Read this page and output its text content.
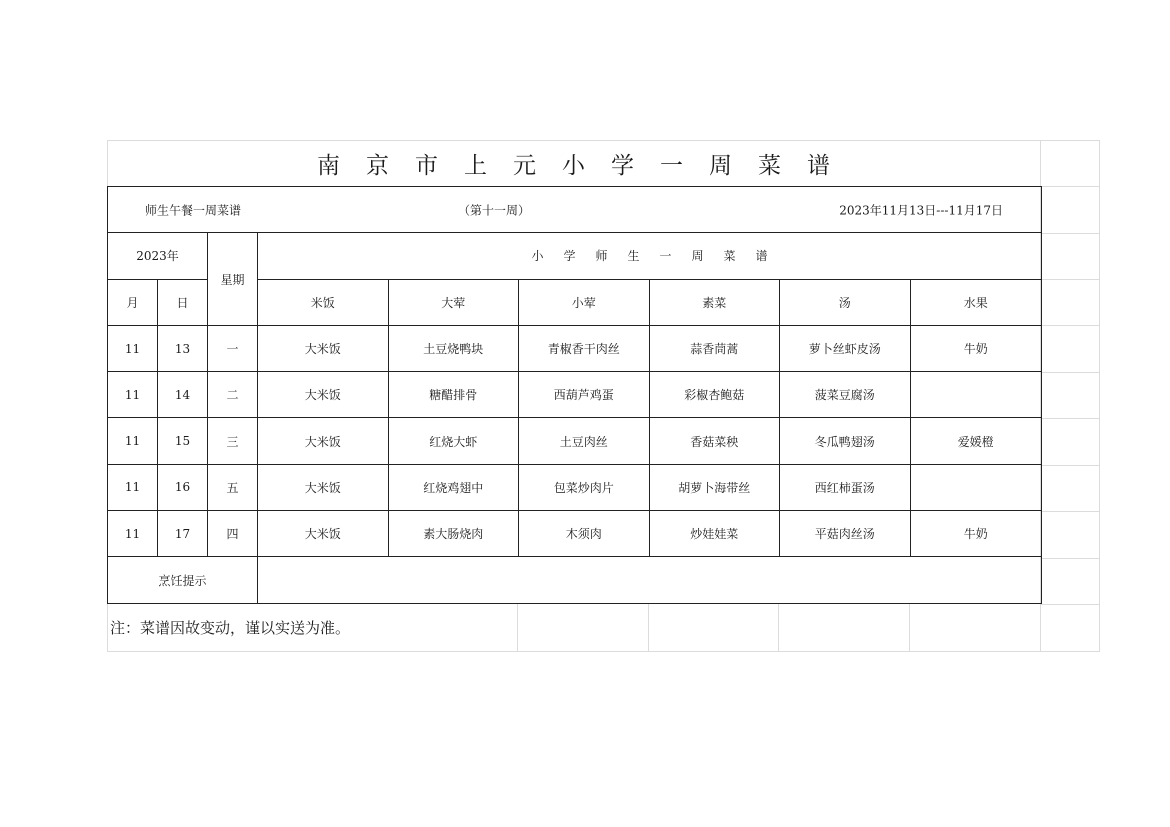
南京市上元小学一周菜谱
师生午餐一周菜谱 （第十一周） 2023年11月13日---11月17日								

2023年		星期	小学师生一周菜谱					
月	日		米饭	大荤	小荤	素菜	汤	水果
11	13	一	大米饭	土豆烧鸭块	青椒香干肉丝	蒜香茼蒿	萝卜丝虾皮汤	牛奶
11	14	二	大米饭	糖醋排骨	西葫芦鸡蛋	彩椒杏鲍菇	菠菜豆腐汤	
11	15	三	大米饭	红烧大虾	土豆肉丝	香菇菜秧	冬瓜鸭翅汤	爱媛橙
11	16	五	大米饭	红烧鸡翅中	包菜炒肉片	胡萝卜海带丝	西红柿蛋汤	
11	17	四	大米饭	素大肠烧肉	木须肉	炒娃娃菜	平菇肉丝汤	牛奶
烹饪提示								
注：菜谱因故变动，谨以实送为准。
